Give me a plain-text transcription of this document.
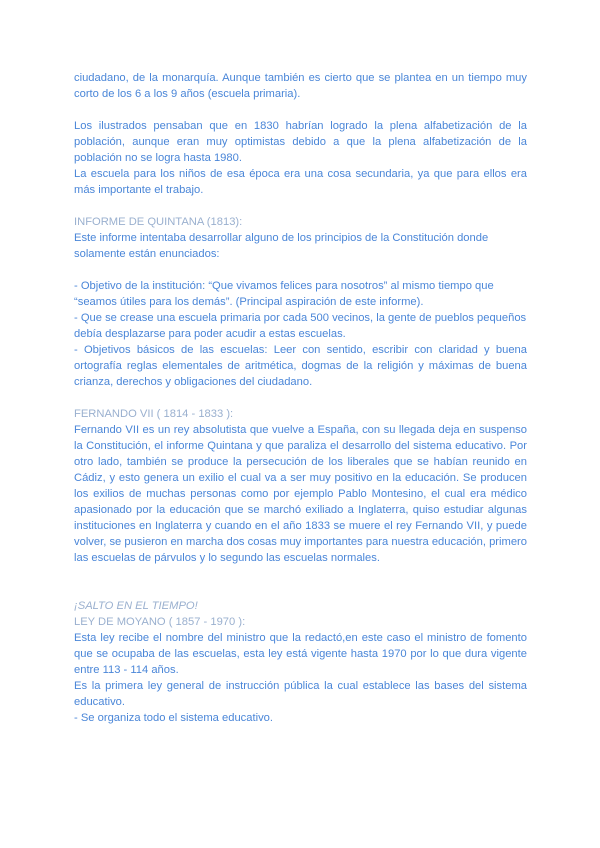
ciudadano, de la monarquía. Aunque también es cierto que se plantea en un tiempo muy corto de los 6 a los 9 años (escuela primaria).

Los ilustrados pensaban que en 1830 habrían logrado la plena alfabetización de la población, aunque eran muy optimistas debido a que la plena alfabetización de la población no se logra hasta 1980.

La escuela para los niños de esa época era una cosa secundaria, ya que para ellos era más importante el trabajo.

INFORME DE QUINTANA (1813):

Este informe intentaba desarrollar alguno de los principios de la Constitución donde solamente están enunciados:

- Objetivo de la institución: “Que vivamos felices para nosotros” al mismo tiempo que “seamos útiles para los demás”. (Principal aspiración de este informe).

- Que se crease una escuela primaria por cada 500 vecinos, la gente de pueblos pequeños debía desplazarse para poder acudir a estas escuelas.

- Objetivos básicos de las escuelas: Leer con sentido, escribir con claridad y buena ortografía reglas elementales de aritmética, dogmas de la religión y máximas de buena crianza, derechos y obligaciones del ciudadano.

FERNANDO VII ( 1814 - 1833 ):

Fernando VII es un rey absolutista que vuelve a España, con su llegada deja en suspenso la Constitución, el informe Quintana y que paraliza el desarrollo del sistema educativo. Por otro lado, también se produce la persecución de los liberales que se habían reunido en Cádiz, y esto genera un exilio el cual va a ser muy positivo en la educación. Se producen los exilios de muchas personas como por ejemplo Pablo Montesino, el cual era médico apasionado por la educación que se marchó exiliado a Inglaterra, quiso estudiar algunas instituciones en Inglaterra y cuando en el año 1833 se muere el rey Fernando VII, y puede volver, se pusieron en marcha dos cosas muy importantes para nuestra educación, primero las escuelas de párvulos y lo segundo las escuelas normales.

¡SALTO EN EL TIEMPO!

LEY DE MOYANO ( 1857 - 1970 ):

Esta ley recibe el nombre del ministro que la redactó,en este caso el ministro de fomento que se ocupaba de las escuelas, esta ley está vigente hasta 1970 por lo que dura vigente entre 113 - 114 años.

Es la primera ley general de instrucción pública la cual establece las bases del sistema educativo.

- Se organiza todo el sistema educativo.
